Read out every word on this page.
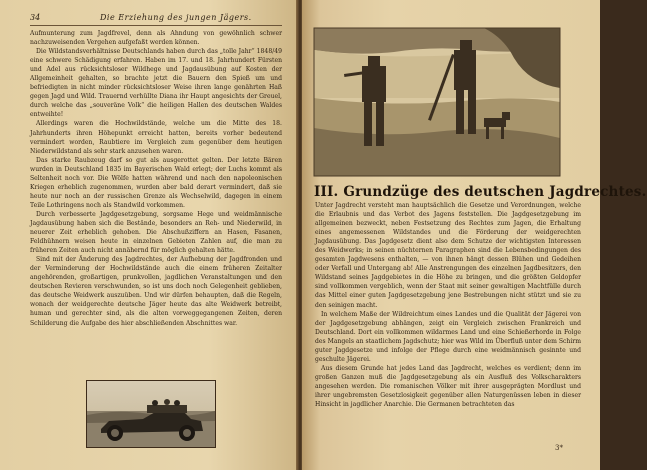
34	Die Erziehung des jungen Jägers.

Aufmunterung zum Jagdfrevel, denn als Ahndung von gewöhnlich schwer nachzuweisenden Vergehen aufgefaßt werden können.

Die Wildstandsverhältnisse Deutschlands haben durch das „tolle Jahr“ 1848/49 eine schwere Schädigung erfahren. Haben im 17. und 18. Jahrhundert Fürsten und Adel aus rücksichtsloser Wildhege und Jagdausübung auf Kosten der Allgemeinheit gehalten, so brachte jetzt die Bauern den Spieß um und befriedigten in nicht minder rücksichtsloser Weise ihren lange genährten Haß gegen Jagd und Wild. Trauernd verhüllte Diana ihr Haupt angesichts der Greuel, durch welche das „souveräne Volk“ die heiligen Hallen des deutschen Waldes entweihte!

Allerdings waren die Hochwildstände, welche um die Mitte des 18. Jahrhunderts ihren Höhepunkt erreicht hatten, bereits vorher bedeutend vermindert worden, Raubtiere im Vergleich zum gegenüber dem heutigen Niederwildstand als sehr stark anzusehen waren.

Das starke Raubzeug darf so gut als ausgerottet gelten. Der letzte Bären wurden in Deutschland 1835 im Bayerischen Wald erlegt; der Luchs kommt als Seltenheit noch vor. Die Wölfe hatten während und nach den napoleonischen Kriegen erheblich zugenommen, wurden aber bald derart vermindert, daß sie heute nur noch an der russischen Grenze als Wechselwild, dagegen in einem Teile Lothringens noch als Standwild vorkommen.

Durch verbesserte Jagdgesetzgebung, sorgsame Hege und weidmännische Jagdausübung haben sich die Bestände, besonders an Reh- und Niederwild, in neuerer Zeit erheblich gehoben. Die Abschußziffern an Hasen, Fasanen, Feldhühnern weisen heute in einzelnen Gebieten Zahlen auf, die man zu früheren Zeiten auch nicht annähernd für möglich gehalten hätte.

Sind mit der Änderung des Jagdrechtes, der Aufhebung der Jagdfronden und der Verminderung der Hochwildstände auch die einem früheren Zeitalter angehörenden, großartigen, prunkvollen, jagdlichen Veranstaltungen und den deutschen Revieren verschwunden, so ist uns doch noch Gelegenheit geblieben, das deutsche Weidwerk auszuüben. Und wir dürfen behaupten, daß die Regeln, wonach der weidgerechte deutsche Jäger heute das alte Weidwerk betreibt, human und gerechter sind, als die alten vorweggegangenen Zeiten, deren Schilderung die Aufgabe des hier abschließenden Abschnittes war.

III. Grundzüge des deutschen Jagdrechtes.

Unter Jagdrecht versteht man hauptsächlich die Gesetze und Verordnungen, welche die Erlaubnis und das Verbot des Jagens feststellen. Die Jagdgesetzgebung im allgemeinen bezweckt, neben Festsetzung des Rechtes zum Jagen, die Erhaltung eines angemessenen Wildstandes und die Förderung der weidgerechten Jagdausübung. Das Jagdgesetz dient also dem Schutze der wichtigsten Interessen des Weidwerks; in seinen nüchternen Paragraphen sind die Lebensbedingungen des gesamten Jagdwesens enthalten, — von ihnen hängt dessen Blühen und Gedeihen oder Verfall und Untergang ab! Alle Anstrengungen des einzelnen Jagdbesitzers, den Wildstand seines Jagdgebietes in die Höhe zu bringen, und die größten Geldopfer sind vollkommen vergeblich, wenn der Staat mit seiner gewaltigen Machtfülle durch das Mittel einer guten Jagdgesetzgebung jene Bestrebungen nicht stützt und sie zu den seinigen macht.

In welchem Maße der Wildreichtum eines Landes und die Qualität der Jägerei von der Jagdgesetzgebung abhängen, zeigt ein Vergleich zwischen Frankreich und Deutschland. Dort ein vollkommen wildarmes Land und eine Schießerhorde in Folge des Mangels an staatlichem Jagdschutz; hier was Wild im Überfluß unter dem Schirm guter Jagdgesetze und infolge der Pflege durch eine weidmännisch gesinnte und geschulte Jägerei.

Aus diesem Grunde hat jedes Land das Jagdrecht, welches es verdient; denn im großen Ganzen muß die Jagdgesetzgebung als ein Ausfluß des Volkscharakters angesehen werden. Die romanischen Völker mit ihrer ausgeprägten Mordlust und ihrer ungebremsten Gesetzlosigkeit gegenüber allen Naturgenüssen leben in dieser Hinsicht in jagdlicher Anarchie. Die Germanen betrachteten das

3*
